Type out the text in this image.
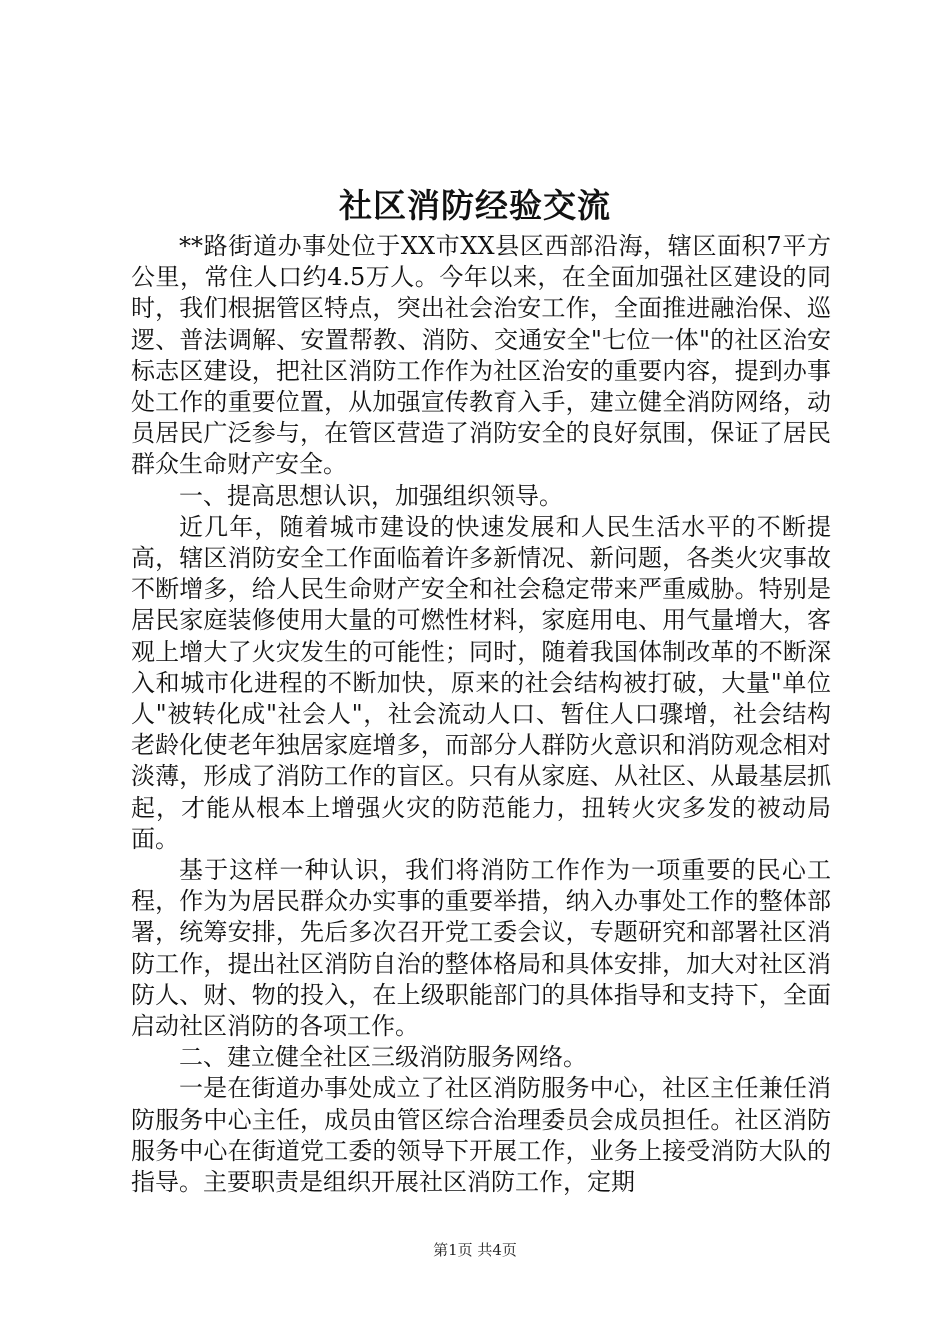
社区消防经验交流

**路街道办事处位于XX市XX县区西部沿海，辖区面积7平方公里，常住人口约4.5万人。今年以来，在全面加强社区建设的同时，我们根据管区特点，突出社会治安工作，全面推进融治保、巡逻、普法调解、安置帮教、消防、交通安全"七位一体"的社区治安标志区建设，把社区消防工作作为社区治安的重要内容，提到办事处工作的重要位置，从加强宣传教育入手，建立健全消防网络，动员居民广泛参与，在管区营造了消防安全的良好氛围，保证了居民群众生命财产安全。

一、提高思想认识，加强组织领导。

近几年，随着城市建设的快速发展和人民生活水平的不断提高，辖区消防安全工作面临着许多新情况、新问题，各类火灾事故不断增多，给人民生命财产安全和社会稳定带来严重威胁。特别是居民家庭装修使用大量的可燃性材料，家庭用电、用气量增大，客观上增大了火灾发生的可能性；同时，随着我国体制改革的不断深入和城市化进程的不断加快，原来的社会结构被打破，大量"单位人"被转化成"社会人"，社会流动人口、暂住人口骤增，社会结构老龄化使老年独居家庭增多，而部分人群防火意识和消防观念相对淡薄，形成了消防工作的盲区。只有从家庭、从社区、从最基层抓起，才能从根本上增强火灾的防范能力，扭转火灾多发的被动局面。

基于这样一种认识，我们将消防工作作为一项重要的民心工程，作为为居民群众办实事的重要举措，纳入办事处工作的整体部署，统筹安排，先后多次召开党工委会议，专题研究和部署社区消防工作，提出社区消防自治的整体格局和具体安排，加大对社区消防人、财、物的投入，在上级职能部门的具体指导和支持下，全面启动社区消防的各项工作。

二、建立健全社区三级消防服务网络。

一是在街道办事处成立了社区消防服务中心，社区主任兼任消防服务中心主任，成员由管区综合治理委员会成员担任。社区消防服务中心在街道党工委的领导下开展工作，业务上接受消防大队的指导。主要职责是组织开展社区消防工作，定期

第1页 共4页
